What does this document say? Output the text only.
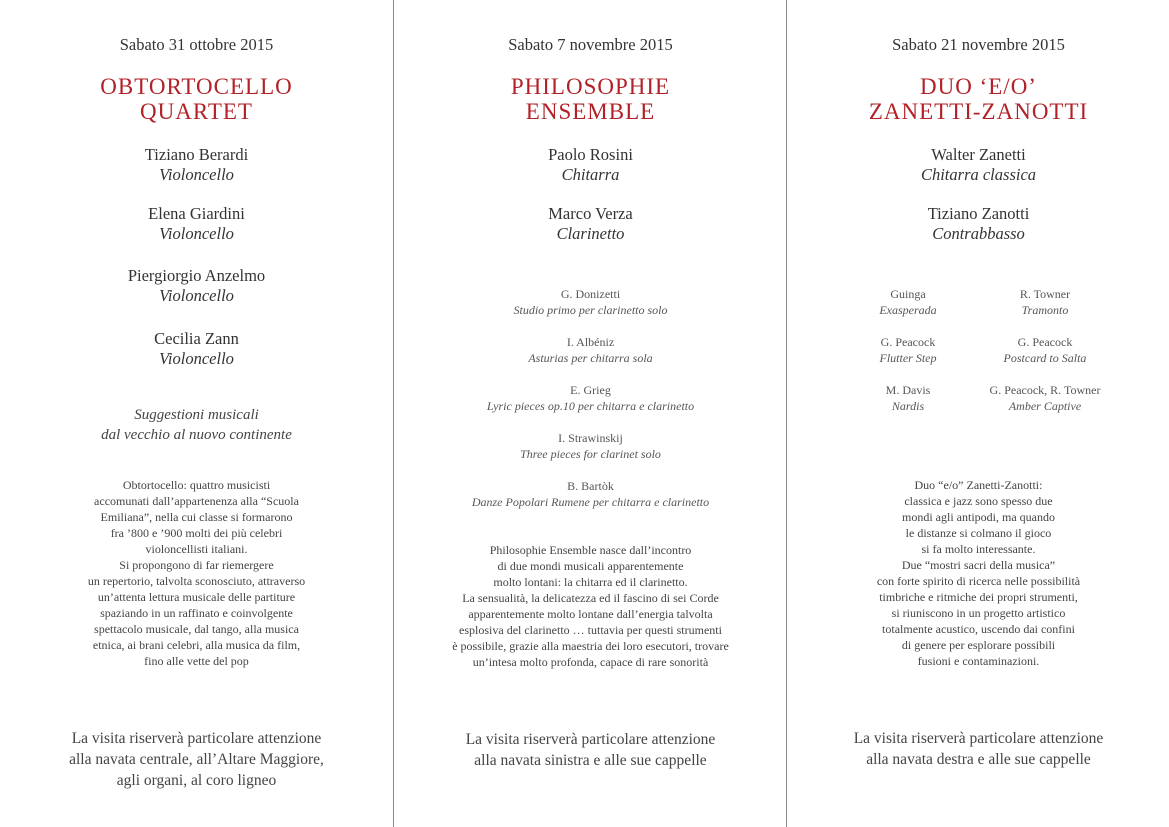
Sabato 31 ottobre 2015
OBTORTOCELLO
QUARTET
Tiziano Berardi
Violoncello
Elena Giardini
Violoncello
Piergiorgio Anzelmo
Violoncello
Cecilia Zann
Violoncello
Suggestioni musicali
dal vecchio al nuovo continente
Obtortocello: quattro musicisti
accomunati dall’appartenenza alla “Scuola
Emiliana”, nella cui classe si formarono
fra ’800 e ’900 molti dei più celebri
violoncellisti italiani.
Si propongono di far riemergere
un repertorio, talvolta sconosciuto, attraverso
un’attenta lettura musicale delle partiture
spaziando in un raffinato e coinvolgente
spettacolo musicale, dal tango, alla musica
etnica, ai brani celebri, alla musica da film,
fino alle vette del pop
La visita riserverà particolare attenzione
alla navata centrale, all’Altare Maggiore,
agli organi, al coro ligneo
Sabato 7 novembre 2015
PHILOSOPHIE
ENSEMBLE
Paolo Rosini
Chitarra
Marco Verza
Clarinetto
G. Donizetti
Studio primo per clarinetto solo
I. Albéniz
Asturias per chitarra sola
E. Grieg
Lyric pieces op.10 per chitarra e clarinetto
I. Strawinskij
Three pieces for clarinet solo
B. Bartòk
Danze Popolari Rumene per chitarra e clarinetto
Philosophie Ensemble nasce dall’incontro
di due mondi musicali apparentemente
molto lontani: la chitarra ed il clarinetto.
La sensualità, la delicatezza ed il fascino di sei Corde
apparentemente molto lontane dall’energia talvolta
esplosiva del clarinetto … tuttavia per questi strumenti
è possibile, grazie alla maestria dei loro esecutori, trovare
un’intesa molto profonda, capace di rare sonorità
La visita riserverà particolare attenzione
alla navata sinistra e alle sue cappelle
Sabato 21 novembre 2015
DUO ‘E/O’
ZANETTI-ZANOTTI
Walter Zanetti
Chitarra classica
Tiziano Zanotti
Contrabbasso
Guinga
Exasperada
R. Towner
Tramonto
G. Peacock
Flutter Step
G. Peacock
Postcard to Salta
M. Davis
Nardis
G. Peacock, R. Towner
Amber Captive
Duo “e/o” Zanetti-Zanotti:
classica e jazz sono spesso due
mondi agli antipodi, ma quando
le distanze si colmano il gioco
si fa molto interessante.
Due “mostri sacri della musica”
con forte spirito di ricerca nelle possibilità
timbriche e ritmiche dei propri strumenti,
si riuniscono in un progetto artistico
totalmente acustico, uscendo dai confini
di genere per esplorare possibili
fusioni e contaminazioni.
La visita riserverà particolare attenzione
alla navata destra e alle sue cappelle
